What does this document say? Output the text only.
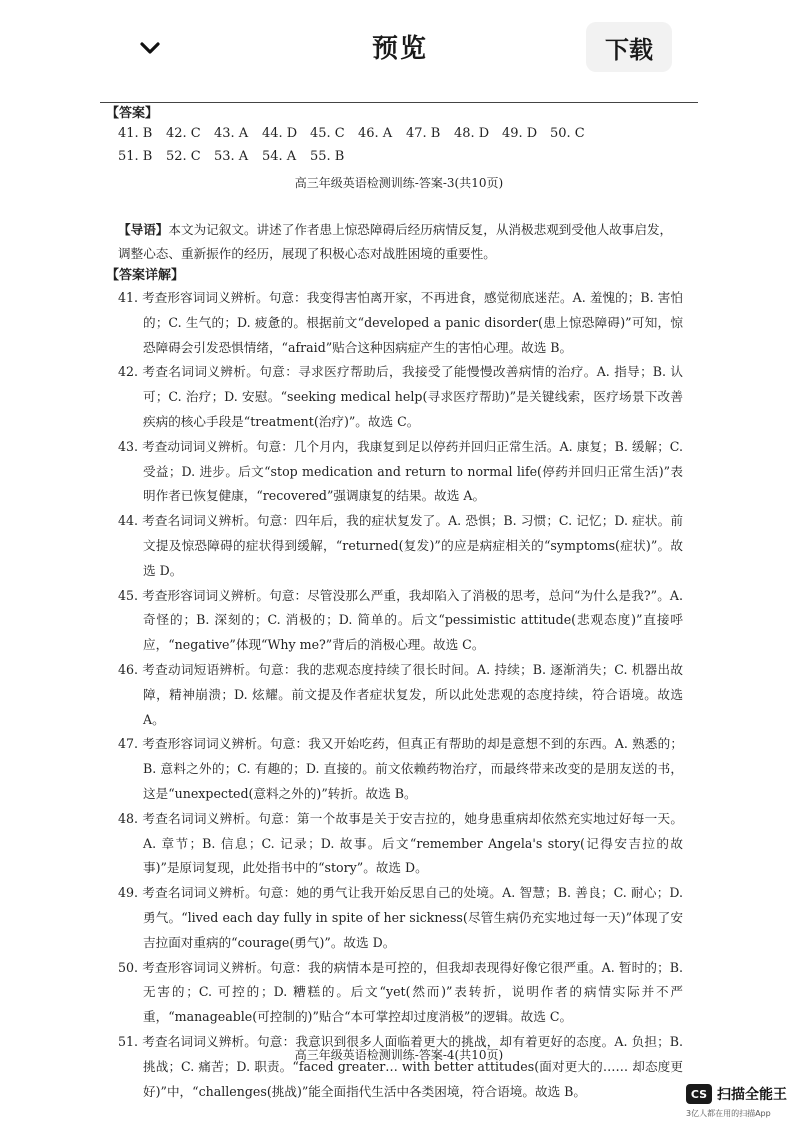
预览	下载
【答案】
41. B	42. C	43. A	44. D 45. C	46. A	47. B	48. D 49. D 50. C
51. B	52. C	53. A	54. A	55. B
高三年级英语检测训练-答案-3(共10页)
【导语】本文为记叙文。讲述了作者患上惊恐障碍后经历病情反复，从消极悲观到受他人故事启发，调整心态、重新振作的经历，展现了积极心态对战胜困境的重要性。
【答案详解】

41. 考查形容词词义辨析。句意：我变得害怕离开家，不再进食，感觉彻底迷茫。A. 羞愧的；B. 害怕的；C. 生气的；D. 疲惫的。根据前文“developed a panic disorder(患上惊恐障碍)”可知，惊恐障碍会引发恐惧情绪，“afraid”贴合这种因病症产生的害怕心理。故选 B。

42. 考查名词词义辨析。句意：寻求医疗帮助后，我接受了能慢慢改善病情的治疗。A. 指导；B. 认可；C. 治疗；D. 安慰。“seeking medical help(寻求医疗帮助)”是关键线索，医疗场景下改善疾病的核心手段是“treatment(治疗)”。故选 C。

43. 考查动词词义辨析。句意：几个月内，我康复到足以停药并回归正常生活。A. 康复；B. 缓解；C. 受益；D. 进步。后文“stop medication and return to normal life(停药并回归正常生活)”表明作者已恢复健康，“recovered”强调康复的结果。故选 A。

44. 考查名词词义辨析。句意：四年后，我的症状复发了。A. 恐惧；B. 习惯；C. 记忆；D. 症状。前文提及惊恐障碍的症状得到缓解，“returned(复发)”的应是病症相关的“symptoms(症状)”。故选 D。

45. 考查形容词词义辨析。句意：尽管没那么严重，我却陷入了消极的思考，总问“为什么是我?”。A. 奇怪的；B. 深刻的；C. 消极的；D. 简单的。后文“pessimistic attitude(悲观态度)”直接呼应，“negative”体现“Why me?”背后的消极心理。故选 C。

46. 考查动词短语辨析。句意：我的悲观态度持续了很长时间。A. 持续；B. 逐渐消失；C. 机器出故障，精神崩溃；D. 炫耀。前文提及作者症状复发，所以此处悲观的态度持续，符合语境。故选 A。

47. 考查形容词词义辨析。句意：我又开始吃药，但真正有帮助的却是意想不到的东西。A. 熟悉的；B. 意料之外的；C. 有趣的；D. 直接的。前文依赖药物治疗，而最终带来改变的是朋友送的书，这是“unexpected(意料之外的)”转折。故选 B。

48. 考查名词词义辨析。句意：第一个故事是关于安吉拉的，她身患重病却依然充实地过好每一天。A. 章节；B. 信息；C. 记录；D. 故事。后文“remember Angela's story(记得安吉拉的故事)”是原词复现，此处指书中的“story”。故选 D。

49. 考查名词词义辨析。句意：她的勇气让我开始反思自己的处境。A. 智慧；B. 善良；C. 耐心；D. 勇气。“lived each day fully in spite of her sickness(尽管生病仍充实地过每一天)”体现了安吉拉面对重病的“courage(勇气)”。故选 D。

50. 考查形容词词义辨析。句意：我的病情本是可控的，但我却表现得好像它很严重。A. 暂时的；B. 无害的；C. 可控的；D. 糟糕的。后文“yet(然而)”表转折，说明作者的病情实际并不严重，“manageable(可控制的)”贴合“本可掌控却过度消极”的逻辑。故选 C。

51. 考查名词词义辨析。句意：我意识到很多人面临着更大的挑战，却有着更好的态度。A. 负担；B. 挑战；C. 痛苦；D. 职责。“faced greater… with better attitudes(面对更大的…… 却态度更好)”中，“challenges(挑战)”能全面指代生活中各类困境，符合语境。故选 B。

高三年级英语检测训练-答案-4(共10页)
CS 扫描全能王
3亿人都在用的扫描App
